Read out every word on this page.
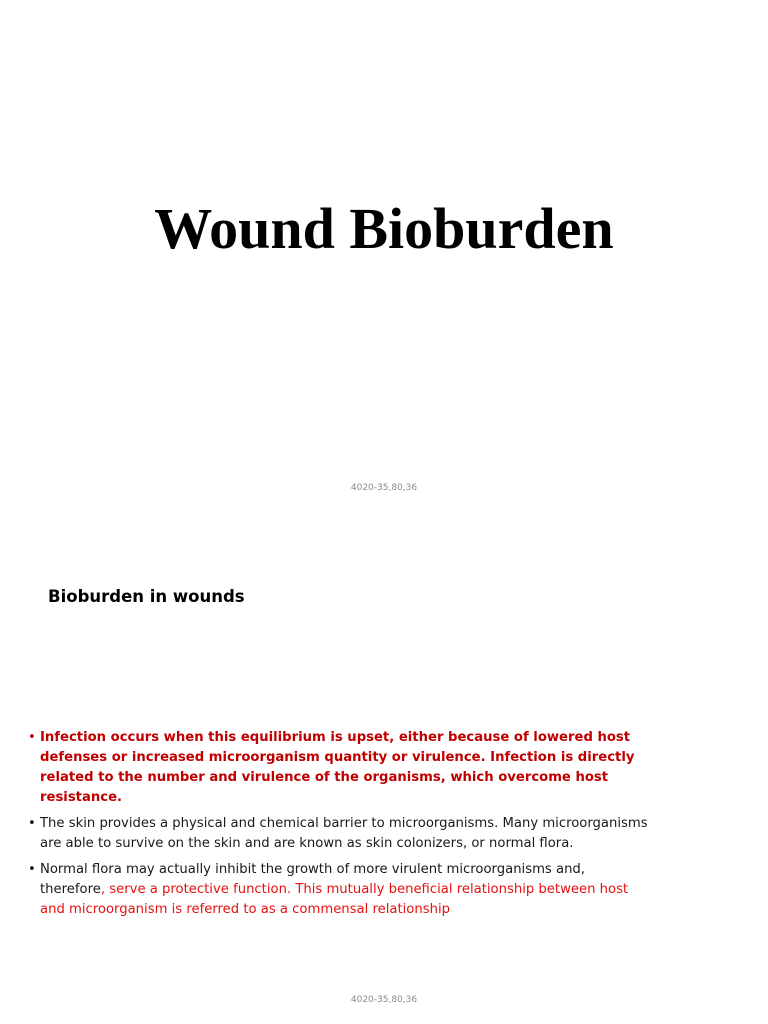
Wound Bioburden
4020-35,80,36
Bioburden in wounds
• Infection occurs when this equilibrium is upset, either because of lowered host defenses or increased microorganism quantity or virulence. Infection is directly related to the number and virulence of the organisms, which overcome host resistance.
• The skin provides a physical and chemical barrier to microorganisms. Many microorganisms are able to survive on the skin and are known as skin colonizers, or normal flora.
• Normal flora may actually inhibit the growth of more virulent microorganisms and, therefore, serve a protective function. This mutually beneficial relationship between host and microorganism is referred to as a commensal relationship
4020-35,80,36
